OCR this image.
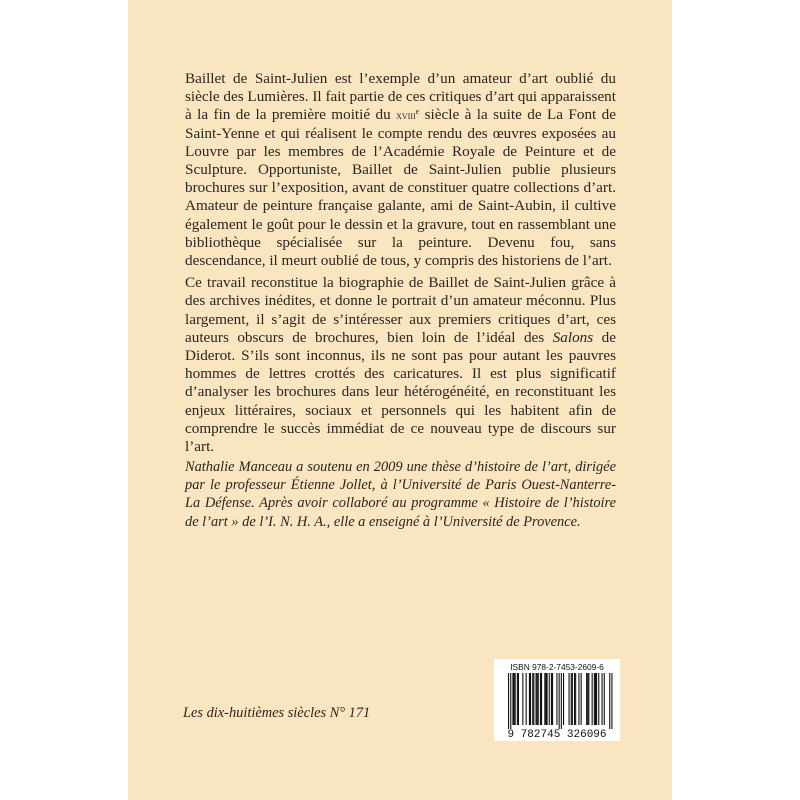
Baillet de Saint-Julien est l’exemple d’un amateur d’art oublié du siècle des Lumières. Il fait partie de ces critiques d’art qui apparaissent à la fin de la première moitié du xviii$^e$ siècle à la suite de La Font de Saint-Yenne et qui réalisent le compte rendu des œuvres exposées au Louvre par les membres de l’Académie Royale de Peinture et de Sculpture. Opportuniste, Baillet de Saint-Julien publie plusieurs brochures sur l’exposition, avant de constituer quatre collections d’art. Amateur de peinture française galante, ami de Saint-Aubin, il cultive également le goût pour le dessin et la gravure, tout en rassemblant une bibliothèque spécialisée sur la peinture. Devenu fou, sans descendance, il meurt oublié de tous, y compris des historiens de l’art.

Ce travail reconstitue la biographie de Baillet de Saint-Julien grâce à des archives inédites, et donne le portrait d’un amateur méconnu. Plus largement, il s’agit de s’intéresser aux premiers critiques d’art, ces auteurs obscurs de brochures, bien loin de l’idéal des Salons de Diderot. S’ils sont inconnus, ils ne sont pas pour autant les pauvres hommes de lettres crottés des caricatures. Il est plus significatif d’analyser les brochures dans leur hétérogénéité, en reconstituant les enjeux littéraires, sociaux et personnels qui les habitent afin de comprendre le succès immédiat de ce nouveau type de discours sur l’art.

Nathalie Manceau a soutenu en 2009 une thèse d’histoire de l’art, dirigée par le professeur Étienne Jollet, à l’Université de Paris Ouest-Nanterre-La Défense. Après avoir collaboré au programme « Histoire de l’histoire de l’art » de l’I. N. H. A., elle a enseigné à l’Université de Provence.
Les dix-huitièmes siècles N° 171
ISBN 978-2-7453-2609-6
9 782745 326096
